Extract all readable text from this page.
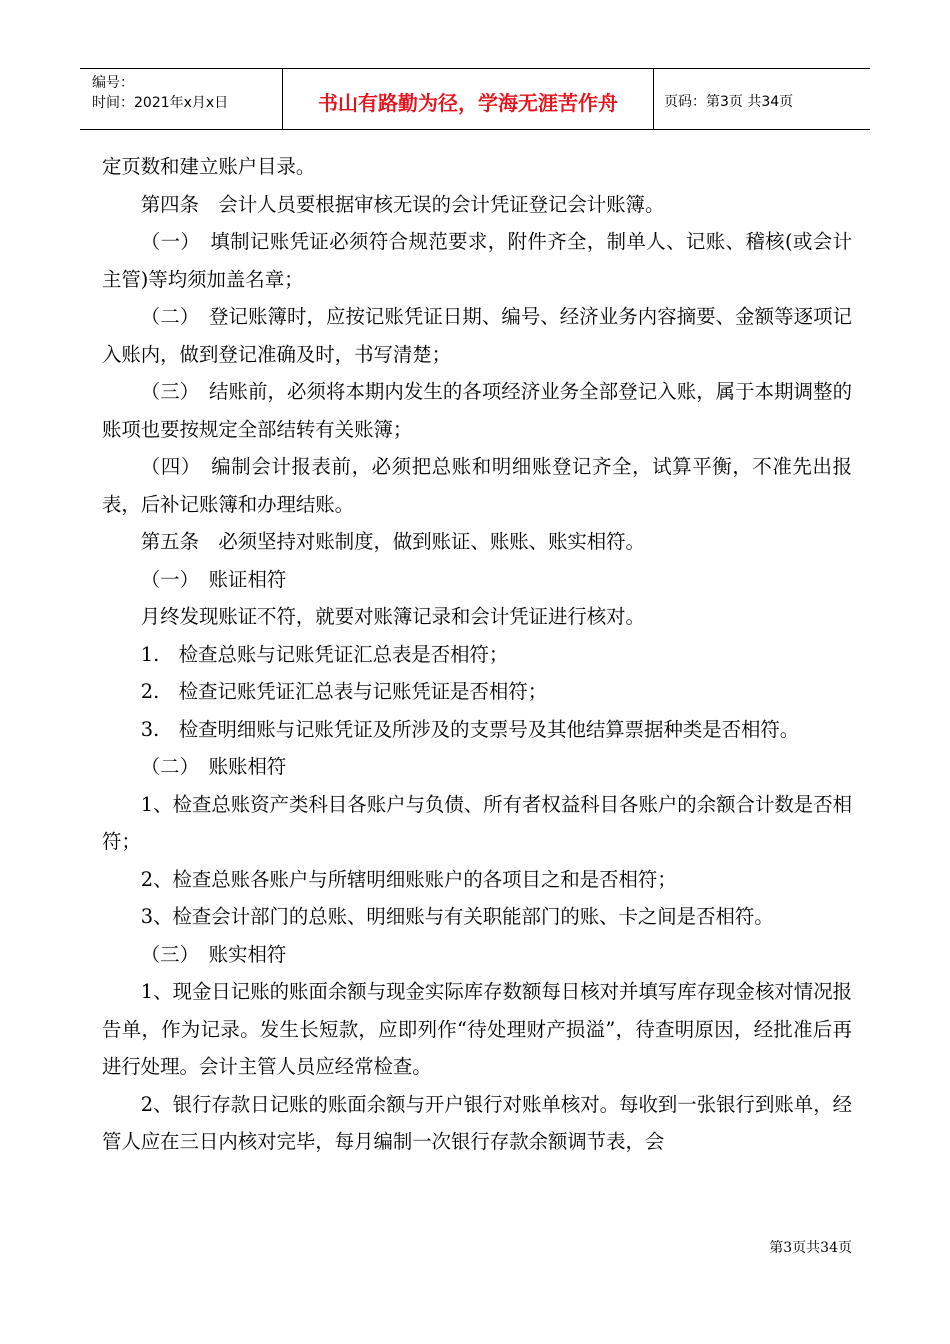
编号：
时间：2021年x月x日	书山有路勤为径，学海无涯苦作舟	页码：第3页 共34页

定页数和建立账户目录。

第四条　会计人员要根据审核无误的会计凭证登记会计账簿。

（一）　填制记账凭证必须符合规范要求，附件齐全，制单人、记账、稽核(或会计主管)等均须加盖名章；

（二）　登记账簿时，应按记账凭证日期、编号、经济业务内容摘要、金额等逐项记入账内，做到登记准确及时，书写清楚；

（三）　结账前，必须将本期内发生的各项经济业务全部登记入账，属于本期调整的账项也要按规定全部结转有关账簿；

（四）　编制会计报表前，必须把总账和明细账登记齐全，试算平衡，不准先出报表，后补记账簿和办理结账。

第五条　必须坚持对账制度，做到账证、账账、账实相符。

（一）　账证相符

月终发现账证不符，就要对账簿记录和会计凭证进行核对。

1.　检查总账与记账凭证汇总表是否相符；

2.　检查记账凭证汇总表与记账凭证是否相符；

3.　检查明细账与记账凭证及所涉及的支票号及其他结算票据种类是否相符。

（二）　账账相符

1、检查总账资产类科目各账户与负债、所有者权益科目各账户的余额合计数是否相符；

2、检查总账各账户与所辖明细账账户的各项目之和是否相符；

3、检查会计部门的总账、明细账与有关职能部门的账、卡之间是否相符。

（三）　账实相符

1、现金日记账的账面余额与现金实际库存数额每日核对并填写库存现金核对情况报告单，作为记录。发生长短款，应即列作“待处理财产损溢”，待查明原因，经批准后再进行处理。会计主管人员应经常检查。

2、银行存款日记账的账面余额与开户银行对账单核对。每收到一张银行到账单，经管人应在三日内核对完毕，每月编制一次银行存款余额调节表，会

第3页共34页
